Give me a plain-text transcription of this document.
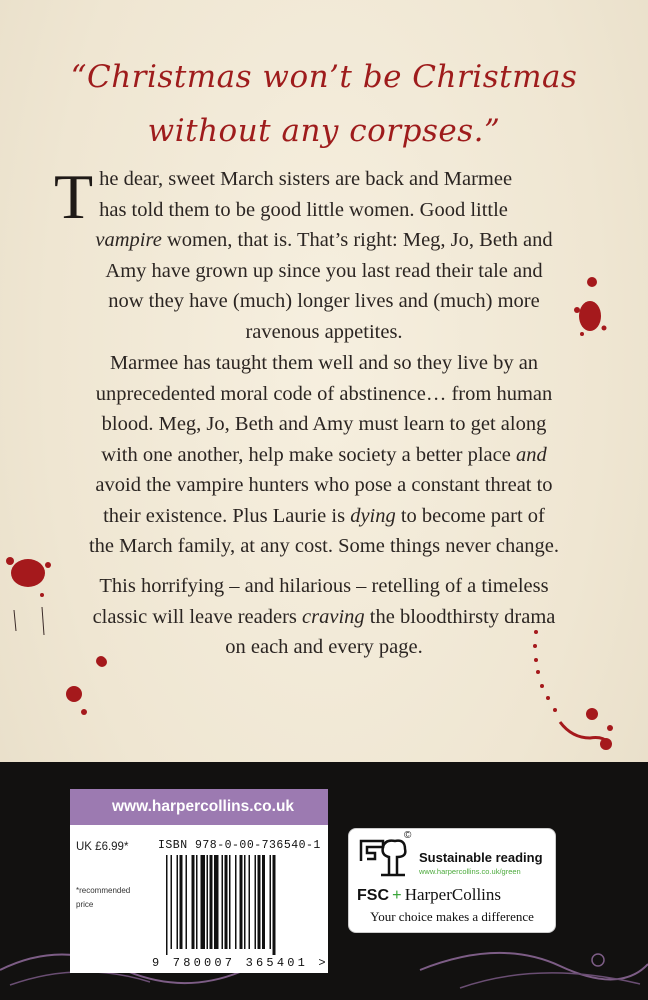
“Christmas won’t be Christmas
without any corpses.”
T he dear, sweet March sisters are back and Marmee
has told them to be good little women. Good little
vampire women, that is. That’s right: Meg, Jo, Beth and
Amy have grown up since you last read their tale and
now they have (much) longer lives and (much) more
ravenous appetites.
Marmee has taught them well and so they live by an
unprecedented moral code of abstinence… from human
blood. Meg, Jo, Beth and Amy must learn to get along
with one another, help make society a better place and
avoid the vampire hunters who pose a constant threat to
their existence. Plus Laurie is dying to become part of
the March family, at any cost. Some things never change.
This horrifying – and hilarious – retelling of a timeless
classic will leave readers craving the bloodthirsty drama
on each and every page.
www.harpercollins.co.uk
UK £6.99*
*recommended
price
ISBN 978-0-00-736540-1
9 780007 365401 >
©
Sustainable reading
www.harpercollins.co.uk/green
FSC + HarperCollins
Your choice makes a difference
